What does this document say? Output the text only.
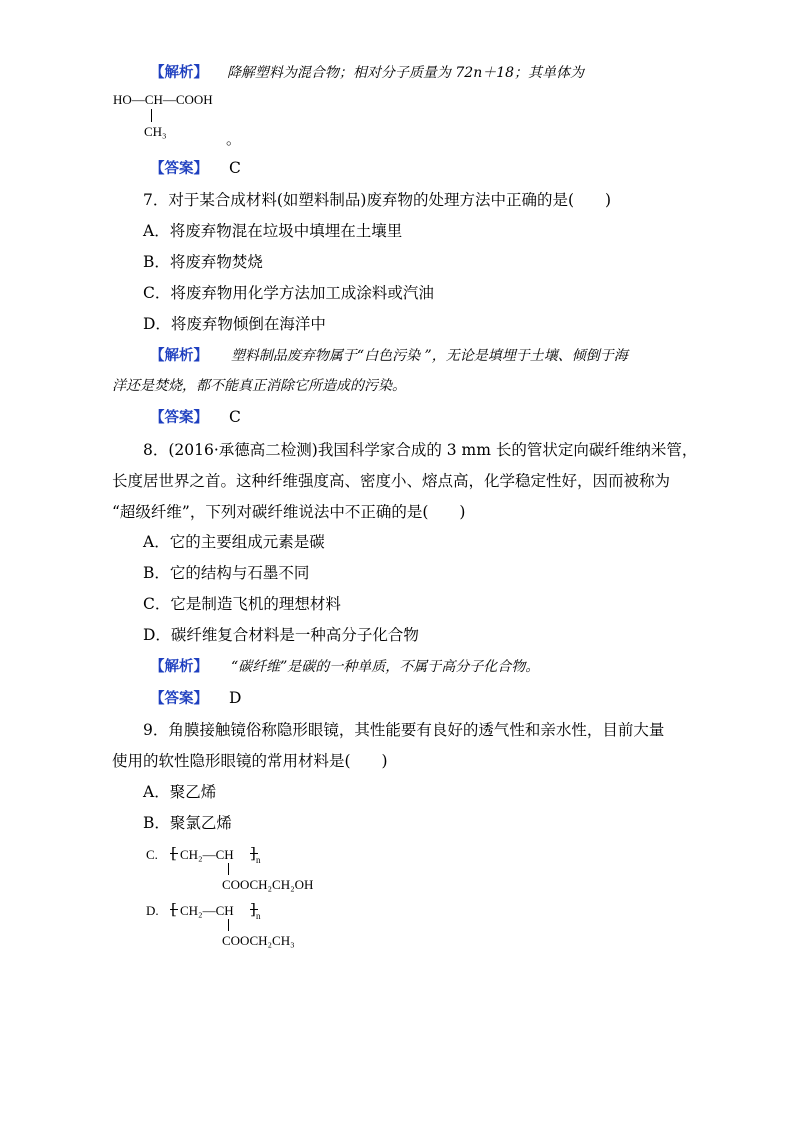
【解析】 降解塑料为混合物；相对分子质量为 72n＋18；其单体为
HO—CH—COOH
CH₃
。
【答案】 C
7．对于某合成材料(如塑料制品)废弃物的处理方法中正确的是(　　)
A．将废弃物混在垃圾中填埋在土壤里
B．将废弃物焚烧
C．将废弃物用化学方法加工成涂料或汽油
D．将废弃物倾倒在海洋中
【解析】 塑料制品废弃物属于“白色污染 ”，无论是填埋于土壤、倾倒于海
洋还是焚烧，都不能真正消除它所造成的污染。
【答案】 C
8．(2016·承德高二检测)我国科学家合成的 3 mm 长的管状定向碳纤维纳米管，
长度居世界之首。这种纤维强度高、密度小、熔点高，化学稳定性好，因而被称为
“超级纤维”，下列对碳纤维说法中不正确的是(　　)
A．它的主要组成元素是碳
B．它的结构与石墨不同
C．它是制造飞机的理想材料
D．碳纤维复合材料是一种高分子化合物
【解析】 “碳纤维”是碳的一种单质，不属于高分子化合物。
【答案】 D
9．角膜接触镜俗称隐形眼镜，其性能要有良好的透气性和亲水性，目前大量
使用的软性隐形眼镜的常用材料是(　　)
A．聚乙烯
B．聚氯乙烯
C. CH₂—CH ] n
COOCH₂CH₂OH
D. CH₂—CH ] n
COOCH₂CH₃
